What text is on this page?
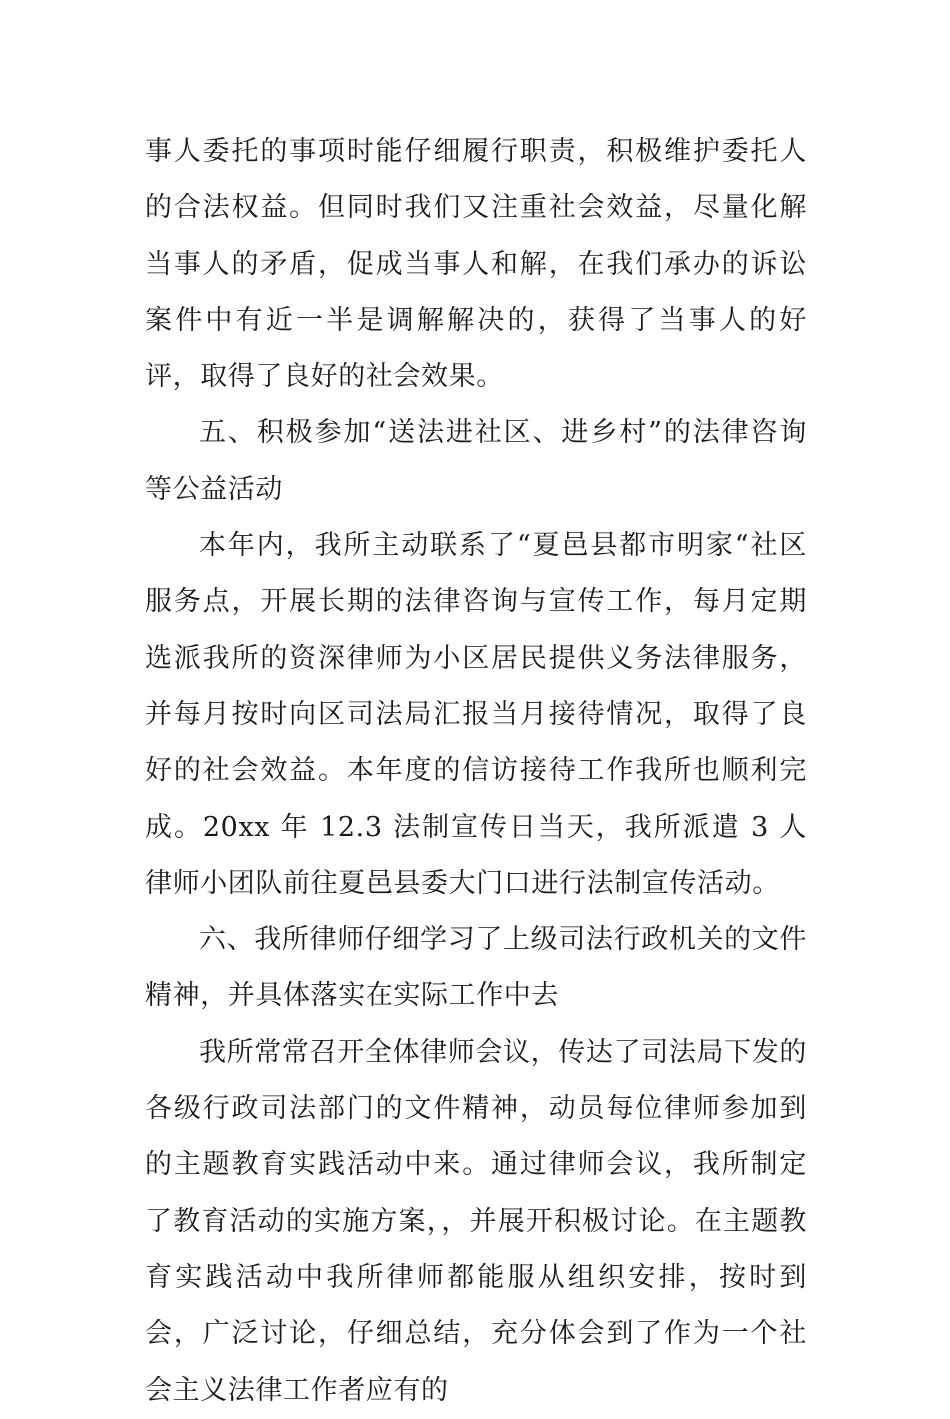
事人委托的事项时能仔细履行职责，积极维护委托人的合法权益。但同时我们又注重社会效益，尽量化解当事人的矛盾，促成当事人和解，在我们承办的诉讼案件中有近一半是调解解决的，获得了当事人的好评，取得了良好的社会效果。

五、积极参加“送法进社区、进乡村”的法律咨询等公益活动

本年内，我所主动联系了“夏邑县都市明家“社区服务点，开展长期的法律咨询与宣传工作，每月定期选派我所的资深律师为小区居民提供义务法律服务，并每月按时向区司法局汇报当月接待情况，取得了良好的社会效益。本年度的信访接待工作我所也顺利完成。20xx 年 12.3 法制宣传日当天，我所派遣 3 人律师小团队前往夏邑县委大门口进行法制宣传活动。

六、我所律师仔细学习了上级司法行政机关的文件精神，并具体落实在实际工作中去

我所常常召开全体律师会议，传达了司法局下发的各级行政司法部门的文件精神，动员每位律师参加到的主题教育实践活动中来。通过律师会议，我所制定了教育活动的实施方案，，并展开积极讨论。在主题教育实践活动中我所律师都能服从组织安排，按时到会，广泛讨论，仔细总结，充分体会到了作为一个社会主义法律工作者应有的
